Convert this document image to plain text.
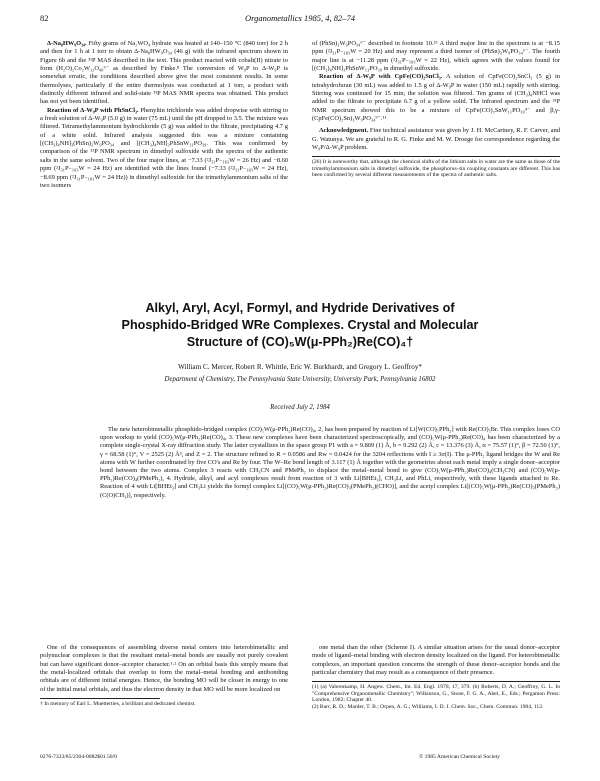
82	Organometallics 1985, 4, 82–74

Δ-Na₈HW₉O₃₄. Fifty grams of Na₂WO₄ hydrate was heated at 140–150 °C (840 torr) for 2 h and then for 1 h at 1 torr to obtain Δ-Na₈HW₉O₃₄ (46 g) with the infrared spectrum shown in Figure 6b and the ³¹P MAS described in the text. This product reacted with cobalt(II) nitrate to form (H₂O)₂Co₂W₁₂O₄₀⁶⁻ as described by Finke.⁸ The conversion of W₉P to Δ-W₉P is somewhat erratic, the conditions described above give the most consistent results. In some thermolyses, particularly if the entire thermolysis was conducted at 1 torr, a product with distinctly different infrared and solid-state ³¹P MAS NMR spectra was obtained. This product has not yet been identified.

Reaction of Δ-W₉P with PhSnCl₃. Phenyltin trichloride was added dropwise with stirring to a fresh solution of Δ-W₉P (5.0 g) in water (75 mL) until the pH dropped to 3.5. The mixture was filtered. Tetramethylammonium hydrochloride (5 g) was added to the filtrate, precipitating 4.7 g of a white solid. Infrared analysis suggested this was a mixture containing [(CH₃)₄NH]₃(PhSn)₃W₉PO₃₄ and [(CH₃)₄NH]₃PhSnW₁₁PO₃₉. This was confirmed by comparison of the ³¹P NMR spectrum in dimethyl sulfoxide with the spectra of the authentic salts in the same solvent. Two of the four major lines, at −7.33 (²J₃₁P₋₁₈₃W = 26 Hz) and −8.60 ppm (²J₃₁P₋₁₈₃W = 24 Hz) are identified with the lines found (−7.33 (²J₃₁P₋₁₈₃W = 24 Hz), −8.69 ppm (²J₃₁P₋₁₈₃W = 24 Hz)) in dimethyl sulfoxide for the trimethylammonium salts of the two isomers

of (PhSn)₃W₉PO₃₄⁶⁻ described in footnote 10.²⁶ A third major line in the spectrum is at −8.15 ppm (²J₃₁P₋₁₈₃W = 20 Hz) and may represent a third isomer of (PhSn)₃W₉PO₃₄⁶⁻. The fourth major line is at −11.28 ppm (²J₃₁P₋₁₈₃W = 22 Hz), which agrees with the values found for [(CH₃)₄NH]₃PhSnW₁₁PO₃₉ in dimethyl sulfoxide.

Reaction of Δ-W₉P with CpFe(CO)₂SnCl₃. A solution of CpFe(CO)₂SnCl₃ (5 g) in tetrahydrofuran (30 mL) was added to 1.5 g of Δ-W₉P in water (150 mL) rapidly with stirring. Stirring was continued for 15 min; the solution was filtered. Ten grams of (CH₃)₄NHCl was added to the filtrate to precipitate 6.7 g of a yellow solid. The infrared spectrum and the ³¹P NMR spectrum showed this to be a mixture of CpFe(CO)₂SnW₁₁PO₃₉⁴⁻ and β,γ-(CpFe(CO)₂Sn)₃W₉PO₃₄⁹⁻.¹¹

Acknowledgment. Fine technical assistance was given by J. H. McCartney, R. F. Carver, and G. Watunya. We are grateful to R. G. Finke and M. W. Droege for correspondence regarding the W₉P/Δ-W₉P problem.

(26) It is noteworthy that, although the chemical shifts of the lithium salts in water are the same as those of the trimethylammonium salts in dimethyl sulfoxide, the phosphorus–tin coupling constants are different. This has been confirmed by several different measurements of the spectra of authentic salts.
Alkyl, Aryl, Acyl, Formyl, and Hydride Derivatives of
Phosphido-Bridged WRe Complexes. Crystal and Molecular
Structure of (CO)₅W(μ-PPh₂)Re(CO)₄†
William C. Mercer, Robert R. Whittle, Eric W. Burkhardt, and Gregory L. Geoffroy*
Department of Chemistry, The Pennsylvania State University, University Park, Pennsylvania 16802
Received July 2, 1984
The new heterobimetallic phosphido-bridged complex (CO)₅W(μ-PPh₂)Re(CO)₄, 2, has been prepared by reaction of Li[W(CO)₅PPh₂] with Re(CO)₅Br. This complex loses CO upon workup to yield (CO)₅W(μ-PPh₂)Re(CO)₄, 3. These new complexes have been characterized spectroscopically, and (CO)₅W(μ-PPh₂)Re(CO)₄ has been characterized by a complete single-crystal X-ray diffraction study. The latter crystallizes in the space group P1 with a = 9.809 (1) Å, b = 9.292 (2) Å, c = 13.376 (3) Å, α = 75.57 (1)°, β = 72.50 (1)°, γ = 68.58 (1)°, V = 2525 (2) Å³, and Z = 2. The structure refined to R = 0.0586 and Rw = 0.0424 for the 3204 reflections with I ≥ 3σ(I). The μ-PPh₂ ligand bridges the W and Re atoms with W further coordinated by five CO's and Re by four. The W–Re bond length of 3.117 (1) Å together with the geometries about each metal imply a single donor–acceptor bond between the two atoms. Complex 3 reacts with CH₃CN and PMePh₂ to displace the metal–metal bond to give (CO)₅W(μ-PPh₂)Re(CO)₄(CH₃CN) and (CO)₅W(μ-PPh₂)Re(CO)₄(PMePh₂), 4. Hydride, alkyl, and acyl complexes result from reaction of 3 with Li[BHEt₃], CH₃Li, and PhLi, respectively, with these ligands attached to Re. Reaction of 4 with Li[BHEt₃] and CH₃Li yields the formyl complex Li[(CO)₅W(μ-PPh₂)Re(CO)₃(PMePh₂)(CHO)], and the acetyl complex Li[(CO)₅W(μ-PPh₂)Re(CO)₃(PMePh₂)(C(O)CH₃)], respectively.

One of the consequences of assembling diverse metal centers into heterobimetallic and polynuclear complexes is that the resultant metal–metal bonds are usually not purely covalent but can have significant donor–acceptor character.¹·² On an orbital basis this simply means that the metal-localized orbitals that overlap to form the metal–metal bonding and antibonding orbitals are of different initial energies. Hence, the bonding MO will be closer in energy to one of the initial metal orbitals, and thus the electron density in that MO will be more localized on

† In memory of Earl L. Muetterties, a brilliant and dedicated chemist.

one metal than the other (Scheme I). A similar situation arises for the usual donor–acceptor mode of ligand–metal binding with electron density localized on the ligand. For heterobimetallic complexes, an important question concerns the strength of these donor–acceptor bonds and the particular chemistry that may result as a consequence of their presence.

(1) (a) Vahrenkamp, H. Angew. Chem., Int. Ed. Engl. 1978, 17, 379. (b) Roberts, D. A.; Geoffroy, G. L. In "Comprehensive Organometallic Chemistry"; Wilkinson, G., Stone, F. G. A., Abel, E., Eds.; Pergamon Press: London, 1982; Chapter 40.
(2) Barr, R. D.; Marder, T. B.; Orpen, A. G.; Williams, I. D. J. Chem. Soc., Chem. Commun. 1984, 112.
0276-7333/85/2304-0082$01.50/0	© 1985 American Chemical Society
